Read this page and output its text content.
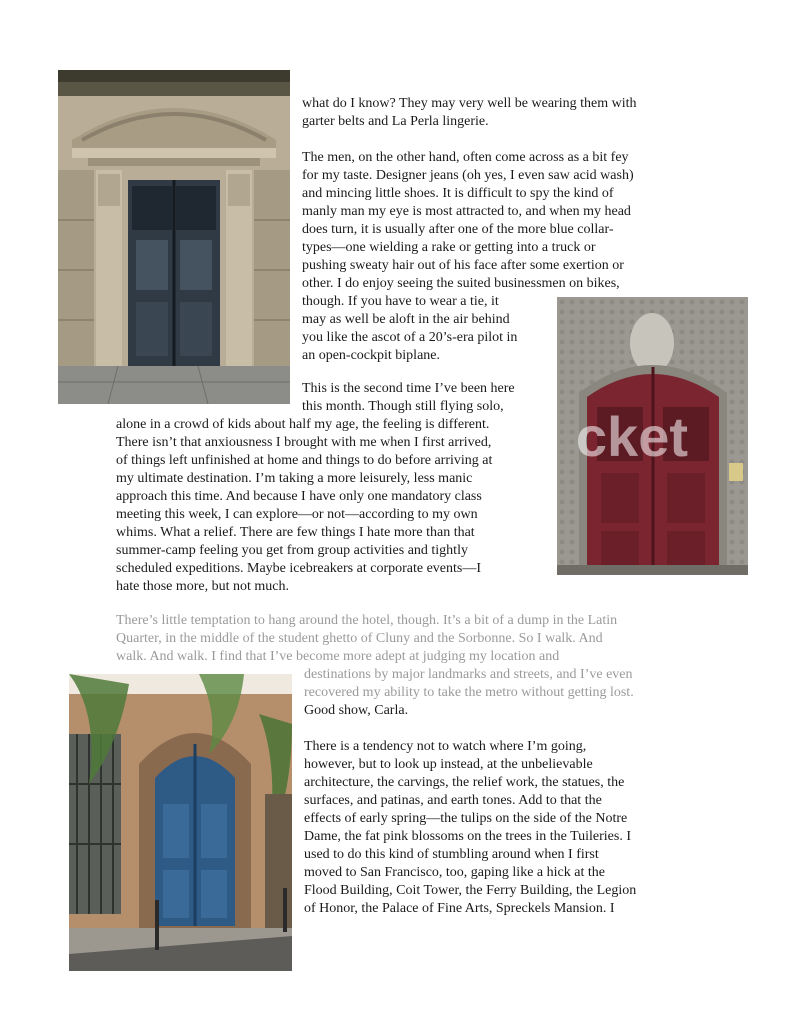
cket

what do I know? They may very well be wearing them with
garter belts and La Perla lingerie.

The men, on the other hand, often come across as a bit fey
for my taste. Designer jeans (oh yes, I even saw acid wash)
and mincing little shoes. It is difficult to spy the kind of
manly man my eye is most attracted to, and when my head
does turn, it is usually after one of the more blue collar-
types—one wielding a rake or getting into a truck or
pushing sweaty hair out of his face after some exertion or
other. I do enjoy seeing the suited businessmen on bikes,
though. If you have to wear a tie, it
may as well be aloft in the air behind
you like the ascot of a 20’s-era pilot in
an open-cockpit biplane.

This is the second time I’ve been here
this month. Though still flying solo,

alone in a crowd of kids about half my age, the feeling is different.
There isn’t that anxiousness I brought with me when I first arrived,
of things left unfinished at home and things to do before arriving at
my ultimate destination. I’m taking a more leisurely, less manic
approach this time. And because I have only one mandatory class
meeting this week, I can explore—or not—according to my own
whims. What a relief. There are few things I hate more than that
summer-camp feeling you get from group activities and tightly
scheduled expeditions. Maybe icebreakers at corporate events—I
hate those more, but not much.

There’s little temptation to hang around the hotel, though. It’s a bit of a dump in the Latin
Quarter, in the middle of the student ghetto of Cluny and the Sorbonne. So I walk. And
walk. And walk. I find that I’ve become more adept at judging my location and

destinations by major landmarks and streets, and I’ve even
recovered my ability to take the metro without getting lost.
Good show, Carla.

There is a tendency not to watch where I’m going,
however, but to look up instead, at the unbelievable
architecture, the carvings, the relief work, the statues, the
surfaces, and patinas, and earth tones. Add to that the
effects of early spring—the tulips on the side of the Notre
Dame, the fat pink blossoms on the trees in the Tuileries. I
used to do this kind of stumbling around when I first
moved to San Francisco, too, gaping like a hick at the
Flood Building, Coit Tower, the Ferry Building, the Legion
of Honor, the Palace of Fine Arts, Spreckels Mansion. I
